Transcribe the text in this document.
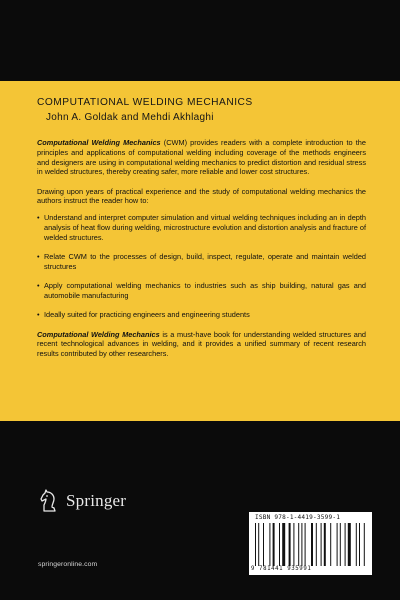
COMPUTATIONAL WELDING MECHANICS
John A. Goldak and Mehdi Akhlaghi

Computational Welding Mechanics (CWM) provides readers with a complete introduction to the principles and applications of computational welding including coverage of the methods engineers and designers are using in computational welding mechanics to predict distortion and residual stress in welded structures, thereby creating safer, more reliable and lower cost structures.

Drawing upon years of practical experience and the study of computational welding mechanics the authors instruct the reader how to:

• Understand and interpret computer simulation and virtual welding techniques including an in depth analysis of heat flow during welding, microstructure evolution and distortion analysis and fracture of welded structures.
• Relate CWM to the processes of design, build, inspect, regulate, operate and maintain welded structures
• Apply computational welding mechanics to industries such as ship building, natural gas and automobile manufacturing
• Ideally suited for practicing engineers and engineering students

Computational Welding Mechanics is a must-have book for understanding welded structures and recent technological advances in welding, and it provides a unified summary of recent research results contributed by other researchers.

Springer
springeronline.com
ISBN 978-1-4419-3599-1
9 781441 935991
